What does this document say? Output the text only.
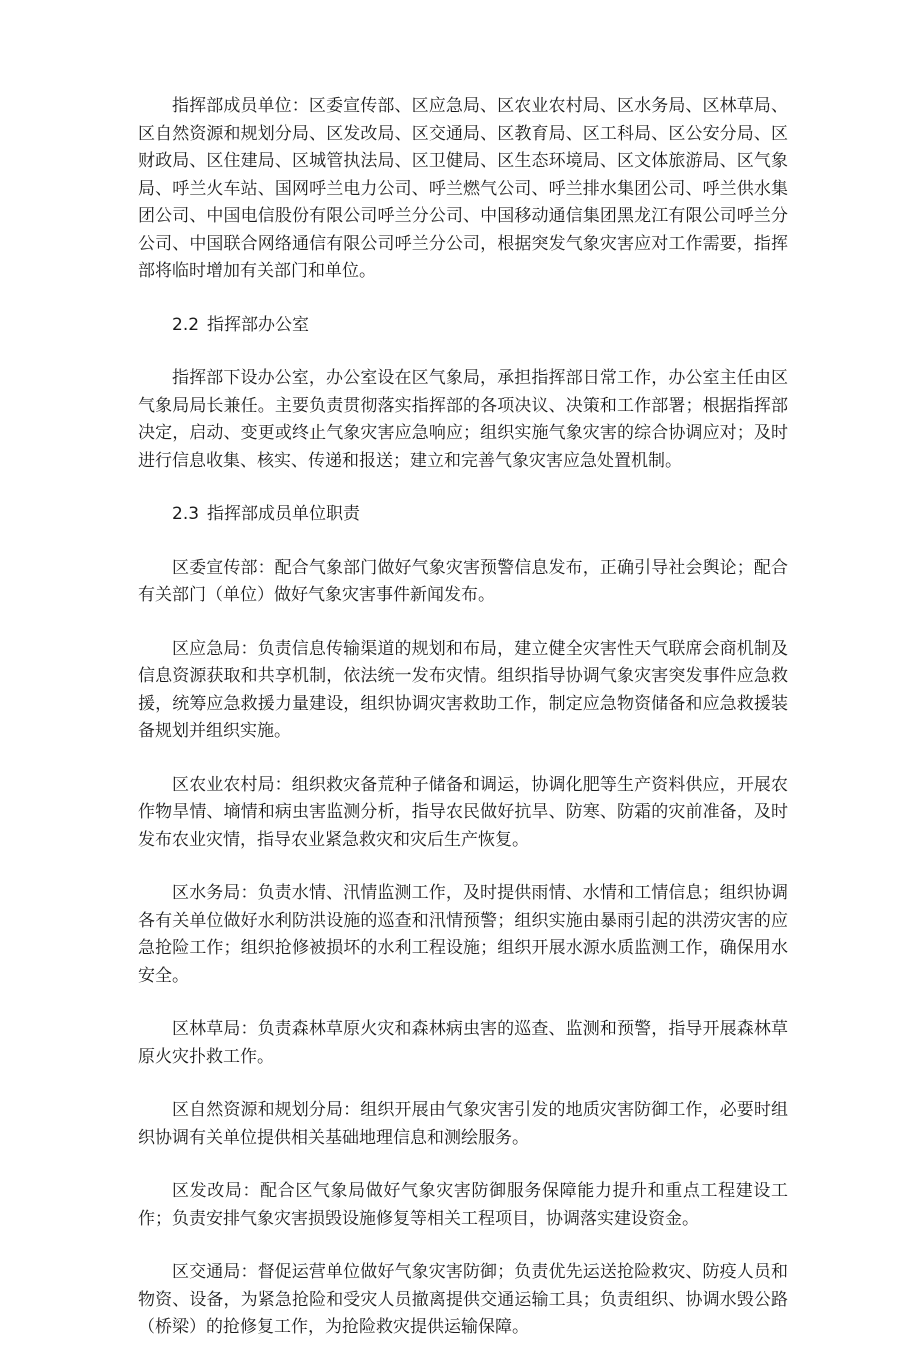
指挥部成员单位：区委宣传部、区应急局、区农业农村局、区水务局、区林草局、区自然资源和规划分局、区发改局、区交通局、区教育局、区工科局、区公安分局、区财政局、区住建局、区城管执法局、区卫健局、区生态环境局、区文体旅游局、区气象局、呼兰火车站、国网呼兰电力公司、呼兰燃气公司、呼兰排水集团公司、呼兰供水集团公司、中国电信股份有限公司呼兰分公司、中国移动通信集团黑龙江有限公司呼兰分公司、中国联合网络通信有限公司呼兰分公司，根据突发气象灾害应对工作需要，指挥部将临时增加有关部门和单位。

2.2 指挥部办公室

指挥部下设办公室，办公室设在区气象局，承担指挥部日常工作，办公室主任由区气象局局长兼任。主要负责贯彻落实指挥部的各项决议、决策和工作部署；根据指挥部决定，启动、变更或终止气象灾害应急响应；组织实施气象灾害的综合协调应对；及时进行信息收集、核实、传递和报送；建立和完善气象灾害应急处置机制。

2.3 指挥部成员单位职责

区委宣传部：配合气象部门做好气象灾害预警信息发布，正确引导社会舆论；配合有关部门（单位）做好气象灾害事件新闻发布。

区应急局：负责信息传输渠道的规划和布局，建立健全灾害性天气联席会商机制及信息资源获取和共享机制，依法统一发布灾情。组织指导协调气象灾害突发事件应急救援，统筹应急救援力量建设，组织协调灾害救助工作，制定应急物资储备和应急救援装备规划并组织实施。

区农业农村局：组织救灾备荒种子储备和调运，协调化肥等生产资料供应，开展农作物旱情、墒情和病虫害监测分析，指导农民做好抗旱、防寒、防霜的灾前准备，及时发布农业灾情，指导农业紧急救灾和灾后生产恢复。

区水务局：负责水情、汛情监测工作，及时提供雨情、水情和工情信息；组织协调各有关单位做好水利防洪设施的巡查和汛情预警；组织实施由暴雨引起的洪涝灾害的应急抢险工作；组织抢修被损坏的水利工程设施；组织开展水源水质监测工作，确保用水安全。

区林草局：负责森林草原火灾和森林病虫害的巡查、监测和预警，指导开展森林草原火灾扑救工作。

区自然资源和规划分局：组织开展由气象灾害引发的地质灾害防御工作，必要时组织协调有关单位提供相关基础地理信息和测绘服务。

区发改局：配合区气象局做好气象灾害防御服务保障能力提升和重点工程建设工作；负责安排气象灾害损毁设施修复等相关工程项目，协调落实建设资金。

区交通局：督促运营单位做好气象灾害防御；负责优先运送抢险救灾、防疫人员和物资、设备，为紧急抢险和受灾人员撤离提供交通运输工具；负责组织、协调水毁公路（桥梁）的抢修复工作，为抢险救灾提供运输保障。
